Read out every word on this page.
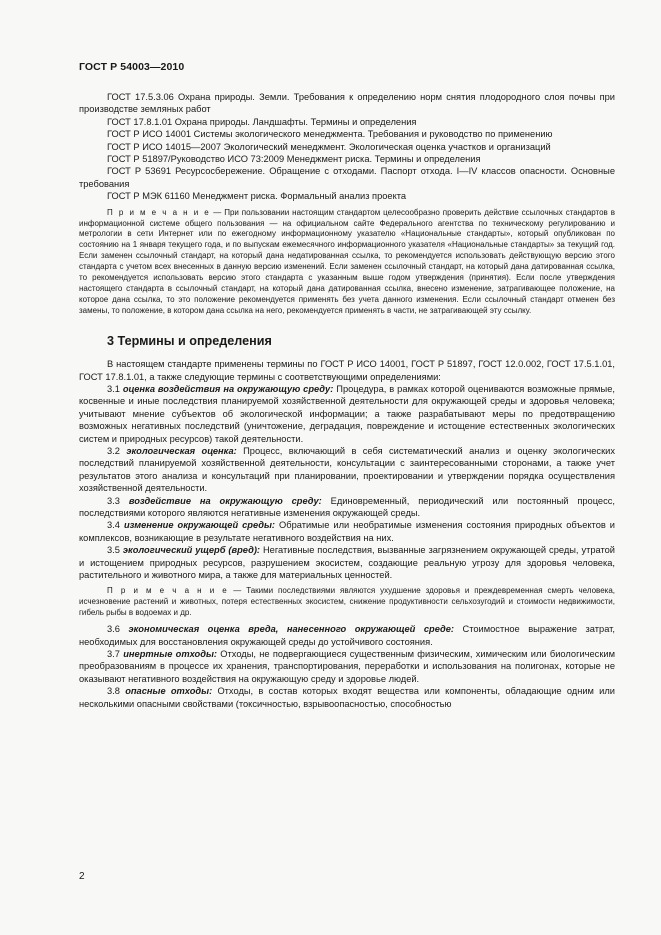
ГОСТ Р 54003—2010

ГОСТ 17.5.3.06 Охрана природы. Земли. Требования к определению норм снятия плодородного слоя почвы при производстве земляных работ

ГОСТ 17.8.1.01 Охрана природы. Ландшафты. Термины и определения

ГОСТ Р ИСО 14001 Системы экологического менеджмента. Требования и руководство по применению

ГОСТ Р ИСО 14015—2007 Экологический менеджмент. Экологическая оценка участков и организаций

ГОСТ Р 51897/Руководство ИСО 73:2009 Менеджмент риска. Термины и определения

ГОСТ Р 53691 Ресурсосбережение. Обращение с отходами. Паспорт отхода. I—IV классов опасности. Основные требования

ГОСТ Р МЭК 61160 Менеджмент риска. Формальный анализ проекта

П р и м е ч а н и е — При пользовании настоящим стандартом целесообразно проверить действие ссылочных стандартов в информационной системе общего пользования — на официальном сайте Федерального агентства по техническому регулированию и метрологии в сети Интернет или по ежегодному информационному указателю «Национальные стандарты», который опубликован по состоянию на 1 января текущего года, и по выпускам ежемесячного информационного указателя «Национальные стандарты» за текущий год. Если заменен ссылочный стандарт, на который дана недатированная ссылка, то рекомендуется использовать действующую версию этого стандарта с учетом всех внесенных в данную версию изменений. Если заменен ссылочный стандарт, на который дана датированная ссылка, то рекомендуется использовать версию этого стандарта с указанным выше годом утверждения (принятия). Если после утверждения настоящего стандарта в ссылочный стандарт, на который дана датированная ссылка, внесено изменение, затрагивающее положение, на которое дана ссылка, то это положение рекомендуется применять без учета данного изменения. Если ссылочный стандарт отменен без замены, то положение, в котором дана ссылка на него, рекомендуется применять в части, не затрагивающей эту ссылку.

3 Термины и определения

В настоящем стандарте применены термины по ГОСТ Р ИСО 14001, ГОСТ Р 51897, ГОСТ 12.0.002, ГОСТ 17.5.1.01, ГОСТ 17.8.1.01, а также следующие термины с соответствующими определениями:

3.1 оценка воздействия на окружающую среду: Процедура, в рамках которой оцениваются возможные прямые, косвенные и иные последствия планируемой хозяйственной деятельности для окружающей среды и здоровья человека; учитывают мнение субъектов об экологической информации; а также разрабатывают меры по предотвращению возможных негативных последствий (уничтожение, деградация, повреждение и истощение естественных экологических систем и природных ресурсов) такой деятельности.

3.2 экологическая оценка: Процесс, включающий в себя систематический анализ и оценку экологических последствий планируемой хозяйственной деятельности, консультации с заинтересованными сторонами, а также учет результатов этого анализа и консультаций при планировании, проектировании и утверждении порядка осуществления хозяйственной деятельности.

3.3 воздействие на окружающую среду: Единовременный, периодический или постоянный процесс, последствиями которого являются негативные изменения окружающей среды.

3.4 изменение окружающей среды: Обратимые или необратимые изменения состояния природных объектов и комплексов, возникающие в результате негативного воздействия на них.

3.5 экологический ущерб (вред): Негативные последствия, вызванные загрязнением окружающей среды, утратой и истощением природных ресурсов, разрушением экосистем, создающие реальную угрозу для здоровья человека, растительного и животного мира, а также для материальных ценностей.

П р и м е ч а н и е — Такими последствиями являются ухудшение здоровья и преждевременная смерть человека, исчезновение растений и животных, потеря естественных экосистем, снижение продуктивности сельхозугодий и стоимости недвижимости, гибель рыбы в водоемах и др.

3.6 экономическая оценка вреда, нанесенного окружающей среде: Стоимостное выражение затрат, необходимых для восстановления окружающей среды до устойчивого состояния.

3.7 инертные отходы: Отходы, не подвергающиеся существенным физическим, химическим или биологическим преобразованиям в процессе их хранения, транспортирования, переработки и использования на полигонах, которые не оказывают негативного воздействия на окружающую среду и здоровье людей.

3.8 опасные отходы: Отходы, в состав которых входят вещества или компоненты, обладающие одним или несколькими опасными свойствами (токсичностью, взрывоопасностью, способностью

2
